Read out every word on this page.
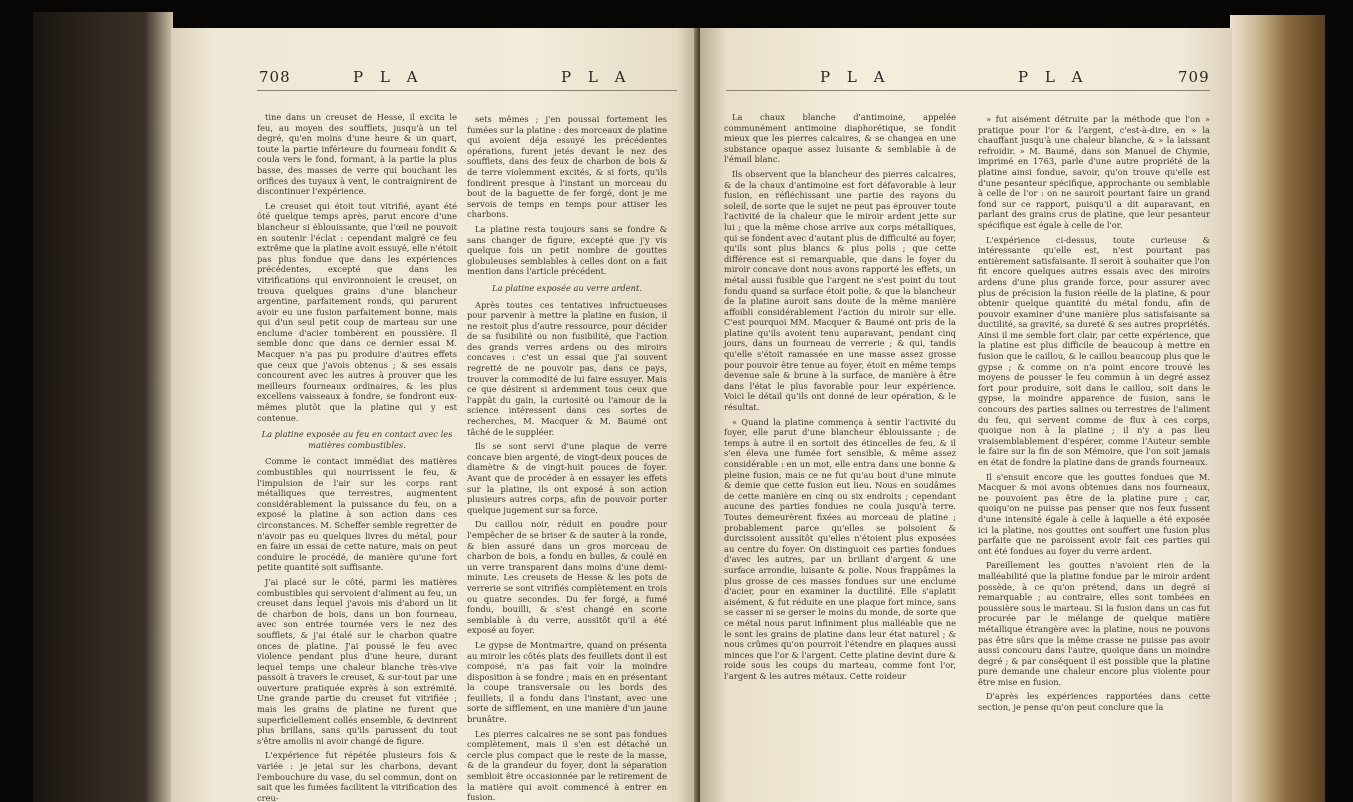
708	P L A	P L A

tine dans un creuset de Hesse, il excita le feu, au moyen des soufflets, jusqu'à un tel degré, qu'en moins d'une heure & un quart, toute la partie inférieure du fourneau fondit & coula vers le fond, formant, à la partie la plus basse, des masses de verre qui bouchant les orifices des tuyaux à vent, le contraignirent de discontinuer l'expérience.

Le creuset qui étoit tout vitrifié, ayant été ôté quelque temps après, parut encore d'une blancheur si éblouissante, que l'œil ne pouvoit en soutenir l'éclat : cependant malgré ce feu extrême que la platine avoit essuyé, elle n'étoit pas plus fondue que dans les expériences précédentes, excepté que dans les vitrifications qui environnoient le creuset, on trouva quelques grains d'une blancheur argentine, parfaitement ronds, qui parurent avoir eu une fusion parfaitement bonne, mais qui d'un seul petit coup de marteau sur une enclume d'acier tombèrent en poussière. Il semble donc que dans ce dernier essai M. Macquer n'a pas pu produire d'autres effets que ceux que j'avois obtenus ; & ses essais concourent avec les autres à prouver que les meilleurs fourneaux ordinaires, & les plus excellens vaisseaux à fondre, se fondront eux-mêmes plutôt que la platine qui y est contenue.

La platine exposée au feu en contact avec les matières combustibles.

Comme le contact immédiat des matières combustibles qui nourrissent le feu, & l'impulsion de l'air sur les corps rant métalliques que terrestres, augmentent considérablement la puissance du feu, on a exposé la platine à son action dans ces circonstances. M. Scheffer semble regretter de n'avoir pas eu quelques livres du métal, pour en faire un essai de cette nature, mais on peut conduire le procédé, de manière qu'une fort petite quantité soit suffisante.

J'ai placé sur le côté, parmi les matières combustibles qui servoient d'aliment au feu, un creuset dans lequel j'avois mis d'abord un lit de charbon de bois, dans un bon fourneau, avec son entrée tournée vers le nez des soufflets, & j'ai étalé sur le charbon quatre onces de platine. J'ai poussé le feu avec violence pendant plus d'une heure, durant lequel temps une chaleur blanche très-vive passoit à travers le creuset, & sur-tout par une ouverture pratiquée exprès à son extrémité. Une grande partie du creuset fut vitrifiée ; mais les grains de platine ne furent que superficiellement collés ensemble, & devinrent plus brillans, sans qu'ils parussent du tout s'être amollis ni avoir changé de figure.

L'expérience fut répétée plusieurs fois & variée : je jetai sur les charbons, devant l'embouchure du vase, du sel commun, dont on sait que les fumées facilitent la vitrification des creu-

sets mêmes ; j'en poussai fortement les fumées sur la platine : des morceaux de platine qui avoient déja essuyé les précédentes opérations, furent jetés devant le nez des soufflets, dans des feux de charbon de bois & de terre violemment excités, & si forts, qu'ils fondirent presque à l'instant un morceau du bout de la baguette de fer forgé, dont je me servois de temps en temps pour attiser les charbons.

La platine resta toujours sans se fondre & sans changer de figure, excepté que j'y vis quelque fois un petit nombre de gouttes globuleuses semblables à celles dont on a fait mention dans l'article précédent.

La platine exposée au verre ardent.

Après toutes ces tentatives infructueuses pour parvenir à mettre la platine en fusion, il ne restoit plus d'autre ressource, pour décider de sa fusibilité ou non fusibilité, que l'action des grands verres ardens ou des miroirs concaves : c'est un essai que j'ai souvent regretté de ne pouvoir pas, dans ce pays, trouver la commodité de lui faire essuyer. Mais ce que désirent si ardemment tous ceux que l'appât du gain, la curiosité ou l'amour de la science intéressent dans ces sortes de recherches, M. Macquer & M. Baumé ont tâché de le suppléer.

Ils se sont servi d'une plaque de verre concave bien argenté, de vingt-deux pouces de diamètre & de vingt-huit pouces de foyer. Avant que de procéder à en essayer les effets sur la platine, ils ont exposé à son action plusieurs autres corps, afin de pouvoir porter quelque jugement sur sa force.

Du caillou noir, réduit en poudre pour l'empêcher de se briser & de sauter à la ronde, & bien assuré dans un gros morceau de charbon de bois, a fondu en bulles, & coulé en un verre transparent dans moins d'une demi-minute. Les creusets de Hesse & les pots de verrerie se sont vitrifiés complètement en trois ou quatre secondes. Du fer forgé, a fumé fondu, bouilli, & s'est changé en scorie semblable à du verre, aussitôt qu'il a été exposé au foyer.

Le gypse de Montmartre, quand on présenta au miroir les côtés plats des feuillets dont il est composé, n'a pas fait voir la moindre disposition à se fondre ; mais en en présentant la coupe transversale ou les bords des feuillets, il a fondu dans l'instant, avec une sorte de sifflement, en une manière d'un jaune brunâtre.

Les pierres calcaires ne se sont pas fondues complètement, mais il s'en est détaché un cercle plus compact que le reste de la masse, & de la grandeur du foyer, dont la séparation sembloit être occasionnée par le retirement de la matière qui avoit commencé à entrer en fusion.

P L A	P L A	709

La chaux blanche d'antimoine, appelée communément antimoine diaphorétique, se fondit mieux que les pierres calcaires, & se changea en une substance opaque assez luisante & semblable à de l'émail blanc.

Ils observent que la blancheur des pierres calcaires, & de la chaux d'antimoine est fort défavorable à leur fusion, en réfléchissant une partie des rayons du soleil, de sorte que le sujet ne peut pas éprouver toute l'activité de la chaleur que le miroir ardent jette sur lui ; que la même chose arrive aux corps métalliques, qui se fondent avec d'autant plus de difficulté au foyer, qu'ils sont plus blancs & plus polis ; que cette différence est si remarquable, que dans le foyer du miroir concave dont nous avons rapporté les effets, un métal aussi fusible que l'argent ne s'est point du tout fondu quand sa surface étoit polie, & que la blancheur de la platine auroit sans doute de la même manière affoibli considérablement l'action du miroir sur elle. C'est pourquoi MM. Macquer & Baumé ont pris de la platine qu'ils avoient tenu auparavant, pendant cinq jours, dans un fourneau de verrerie ; & qui, tandis qu'elle s'étoit ramassée en une masse assez grosse pour pouvoir être tenue au foyer, étoit en même temps devenue sale & brune à la surface, de manière à être dans l'état le plus favorable pour leur expérience. Voici le détail qu'ils ont donné de leur opération, & le résultat.

« Quand la platine commença à sentir l'activité du foyer, elle parut d'une blancheur éblouissante ; de temps à autre il en sortoit des étincelles de feu, & il s'en éleva une fumée fort sensible, & même assez considérable : en un mot, elle entra dans une bonne & pleine fusion, mais ce ne fut qu'au bout d'une minute & demie que cette fusion eut lieu. Nous en soudâmes de cette manière en cinq ou six endroits ; cependant aucune des parties fondues ne coula jusqu'à terre. Toutes demeurèrent fixées au morceau de platine ; probablement parce qu'elles se polsoient & durcissoient aussitôt qu'elles n'étoient plus exposées au centre du foyer. On distinguoit ces parties fondues d'avec les autres, par un brillant d'argent & une surface arrondie, luisante & polie. Nous frappâmes la plus grosse de ces masses fondues sur une enclume d'acier, pour en examiner la ductilité. Elle s'aplatit aisément, & fut réduite en une plaque fort mince, sans se casser ni se gerser le moins du monde, de sorte que ce métal nous parut infiniment plus malléable que ne le sont les grains de platine dans leur état naturel ; & nous crûmes qu'on pourroit l'étendre en plaques aussi minces que l'or & l'argent. Cette platine devint dure & roide sous les coups du marteau, comme font l'or, l'argent & les autres métaux. Cette roideur

» fut aisément détruite par la méthode que l'on » pratique pour l'or & l'argent, c'est-à-dire, en » la chauffant jusqu'à une chaleur blanche, & » la laissant refroidir. » M. Baumé, dans son Manuel de Chymie, imprimé en 1763, parle d'une autre propriété de la platine ainsi fondue, savoir, qu'on trouve qu'elle est d'une pesanteur spécifique, approchante ou semblable à celle de l'or : on ne sauroit pourtant faire un grand fond sur ce rapport, puisqu'il a dit auparavant, en parlant des grains crus de platine, que leur pesanteur spécifique est égale à celle de l'or.

L'expérience ci-dessus, toute curieuse & intéressante qu'elle est, n'est pourtant pas entièrement satisfaisante. Il seroit à souhaiter que l'on fit encore quelques autres essais avec des miroirs ardens d'une plus grande force, pour assurer avec plus de précision la fusion réelle de la platine, & pour obtenir quelque quantité du métal fondu, afin de pouvoir examiner d'une manière plus satisfaisante sa ductilité, sa gravité, sa dureté & ses autres propriétés. Ainsi il me semble fort clair, par cette expérience, que la platine est plus difficile de beaucoup à mettre en fusion que le caillou, & le caillou beaucoup plus que le gypse ; & comme on n'a point encore trouvé les moyens de pousser le feu commun à un degré assez fort pour produire, soit dans le caillou, soit dans le gypse, la moindre apparence de fusion, sans le concours des parties salines ou terrestres de l'aliment du feu, qui servent comme de flux à ces corps, quoique non à la platine ; il n'y a pas lieu vraisemblablement d'espérer, comme l'Auteur semble le faire sur la fin de son Mémoire, que l'on soit jamais en état de fondre la platine dans de grands fourneaux.

Il s'ensuit encore que les gouttes fondues que M. Macquer & moi avons obtenues dans nos fourneaux, ne pouvoient pas être de la platine pure ; car, quoiqu'on ne puisse pas penser que nos feux fussent d'une intensité égale à celle à laquelle a été exposée ici la platine, nos gouttes ont souffert une fusion plus parfaite que ne paroissent avoir fait ces parties qui ont été fondues au foyer du verre ardent.

Pareillement les gouttes n'avoient rien de la malléabilité que la platine fondue par le miroir ardent possède, à ce qu'on prétend, dans un degré si remarquable ; au contraire, elles sont tombées en poussière sous le marteau. Si la fusion dans un cas fut procurée par le mélange de quelque matière métallique étrangère avec la platine, nous ne pouvons pas être sûrs que la même crasse ne puisse pas avoir aussi concouru dans l'autre, quoique dans un moindre degré ; & par conséquent il est possible que la platine pure demande une chaleur encore plus violente pour être mise en fusion.

D'après les expériences rapportées dans cette section, je pense qu'on peut conclure que la
